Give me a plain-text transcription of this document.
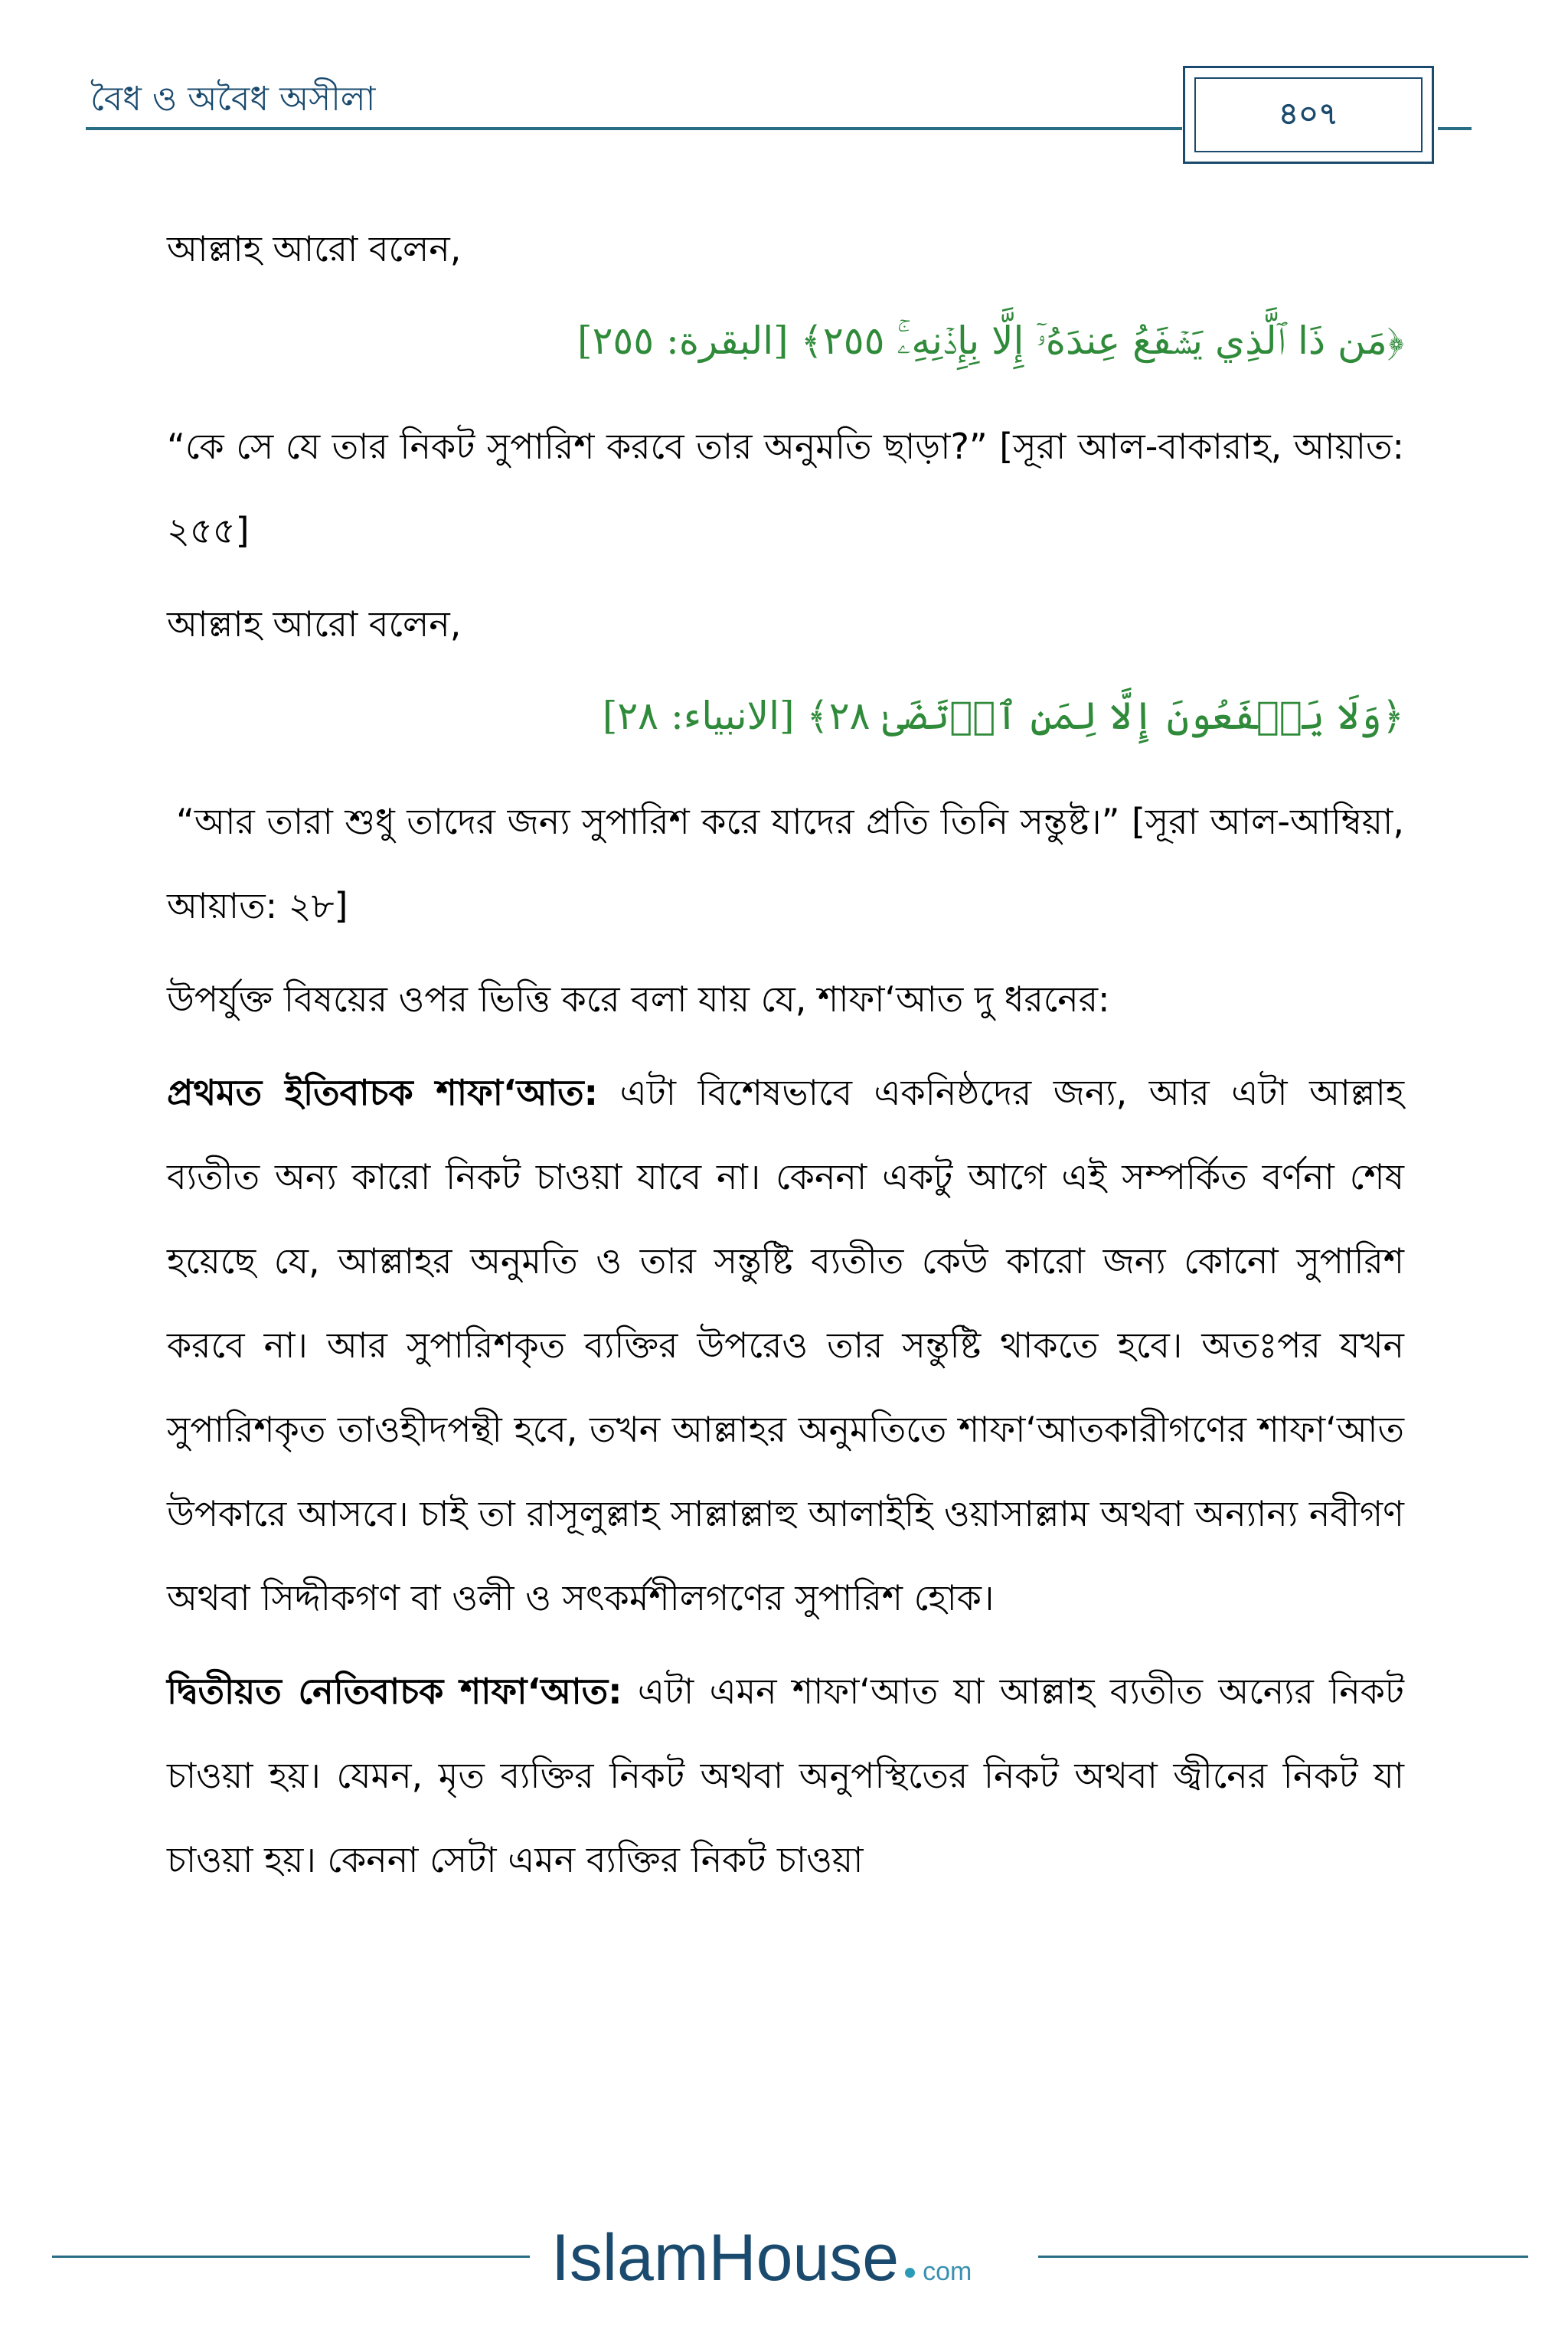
বৈধ ও অবৈধ অসীলা	৪০৭

আল্লাহ আরো বলেন,

﴿مَن ذَا ٱلَّذِي يَشۡفَعُ عِندَهُۥٓ إِلَّا بِإِذۡنِهِۦۚ ٢٥٥﴾ [البقرة: ٢٥٥]

“কে সে যে তার নিকট সুপারিশ করবে তার অনুমতি ছাড়া?” [সূরা আল-বাকারাহ, আয়াত: ২৫৫]

আল্লাহ আরো বলেন,

﴿وَلَا يَشۡفَعُونَ إِلَّا لِمَنِ ٱرۡتَضَىٰ ٢٨﴾ [الانبياء: ٢٨]

“আর তারা শুধু তাদের জন্য সুপারিশ করে যাদের প্রতি তিনি সন্তুষ্ট।” [সূরা আল-আম্বিয়া, আয়াত: ২৮]

উপর্যুক্ত বিষয়ের ওপর ভিত্তি করে বলা যায় যে, শাফা‘আত দু ধরনের:

প্রথমত ইতিবাচক শাফা‘আত: এটা বিশেষভাবে একনিষ্ঠদের জন্য, আর এটা আল্লাহ ব্যতীত অন্য কারো নিকট চাওয়া যাবে না। কেননা একটু আগে এই সম্পর্কিত বর্ণনা শেষ হয়েছে যে, আল্লাহর অনুমতি ও তার সন্তুষ্টি ব্যতীত কেউ কারো জন্য কোনো সুপারিশ করবে না। আর সুপারিশকৃত ব্যক্তির উপরেও তার সন্তুষ্টি থাকতে হবে। অতঃপর যখন সুপারিশকৃত তাওহীদপন্থী হবে, তখন আল্লাহর অনুমতিতে শাফা‘আতকারীগণের শাফা‘আত উপকারে আসবে। চাই তা রাসূলুল্লাহ সাল্লাল্লাহু আলাইহি ওয়াসাল্লাম অথবা অন্যান্য নবীগণ অথবা সিদ্দীকগণ বা ওলী ও সৎকর্মশীলগণের সুপারিশ হোক।

দ্বিতীয়ত নেতিবাচক শাফা‘আত: এটা এমন শাফা‘আত যা আল্লাহ ব্যতীত অন্যের নিকট চাওয়া হয়। যেমন, মৃত ব্যক্তির নিকট অথবা অনুপস্থিতের নিকট অথবা জ্বীনের নিকট যা চাওয়া হয়। কেননা সেটা এমন ব্যক্তির নিকট চাওয়া

IslamHouse com
